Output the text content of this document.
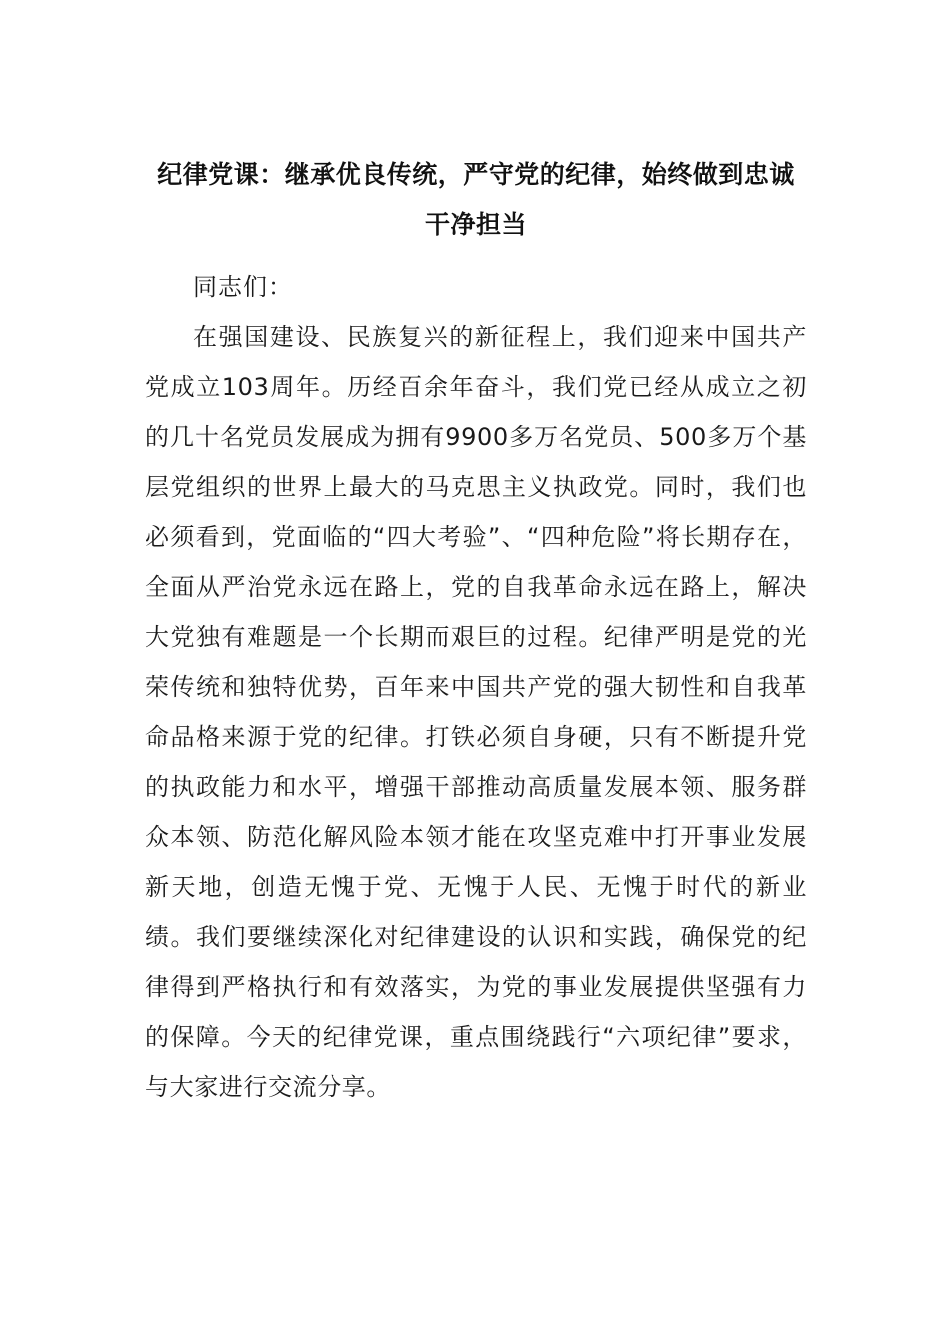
纪律党课：继承优良传统，严守党的纪律，始终做到忠诚干净担当

同志们：

在强国建设、民族复兴的新征程上，我们迎来中国共产党成立103周年。历经百余年奋斗，我们党已经从成立之初的几十名党员发展成为拥有9900多万名党员、500多万个基层党组织的世界上最大的马克思主义执政党。同时，我们也必须看到，党面临的“四大考验”、“四种危险”将长期存在，全面从严治党永远在路上，党的自我革命永远在路上，解决大党独有难题是一个长期而艰巨的过程。纪律严明是党的光荣传统和独特优势，百年来中国共产党的强大韧性和自我革命品格来源于党的纪律。打铁必须自身硬，只有不断提升党的执政能力和水平，增强干部推动高质量发展本领、服务群众本领、防范化解风险本领才能在攻坚克难中打开事业发展新天地，创造无愧于党、无愧于人民、无愧于时代的新业绩。我们要继续深化对纪律建设的认识和实践，确保党的纪律得到严格执行和有效落实，为党的事业发展提供坚强有力的保障。今天的纪律党课，重点围绕践行“六项纪律”要求，与大家进行交流分享。
